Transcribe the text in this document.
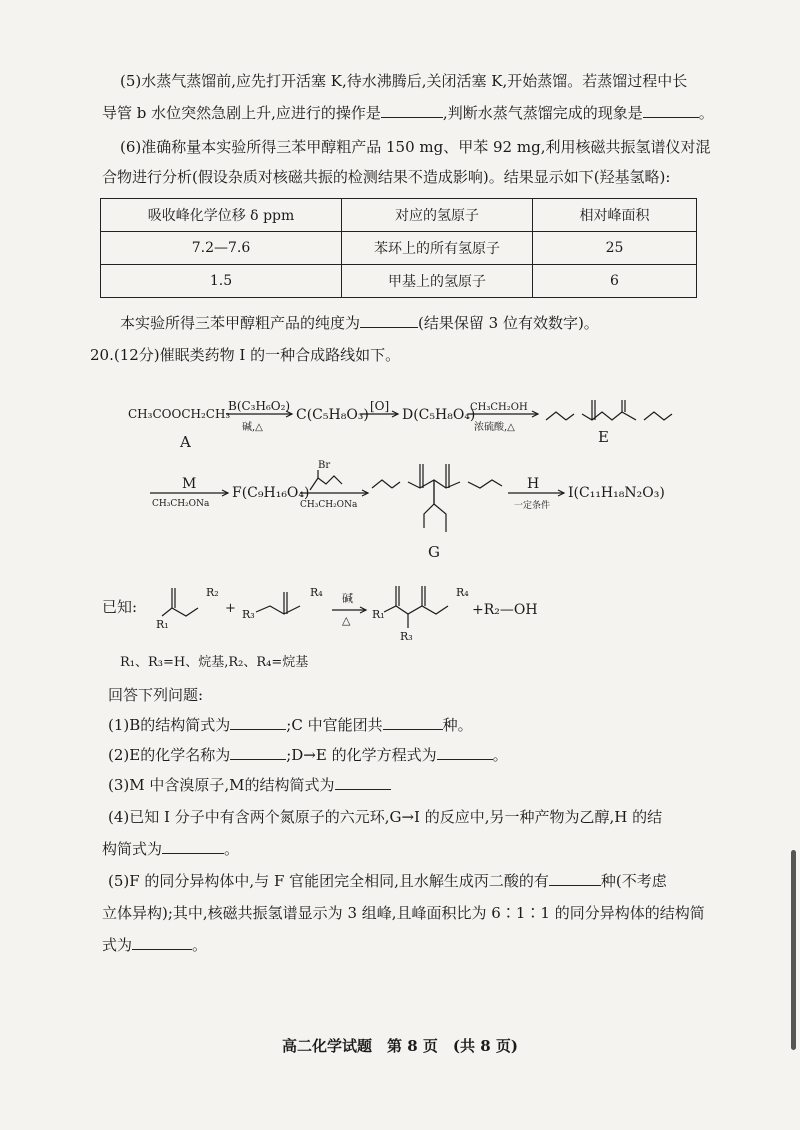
(5)水蒸气蒸馏前,应先打开活塞 K,待水沸腾后,关闭活塞 K,开始蒸馏。若蒸馏过程中长
导管 b 水位突然急剧上升,应进行的操作是	,判断水蒸气蒸馏完成的现象是	。
(6)准确称量本实验所得三苯甲醇粗产品 150 mg、甲苯 92 mg,利用核磁共振氢谱仪对混
合物进行分析(假设杂质对核磁共振的检测结果不造成影响)。结果显示如下(羟基氢略):
吸收峰化学位移 δ ppm	对应的氢原子	相对峰面积
7.2—7.6	苯环上的所有氢原子	25
1.5	甲基上的氢原子	6
本实验所得三苯甲醇粗产品的纯度为	(结果保留 3 位有效数字)。
20.(12分)催眠类药物 I 的一种合成路线如下。
CH₃COOCH₂CH₃
A
B(C₃H₆O₂)
碱,△
C(C₅H₈O₃)
[O]
D(C₅H₈O₄)
CH₃CH₂OH
浓硫酸,△
E
M
CH₃CH₂ONa
F(C₉H₁₆O₄)
Br
CH₃CH₂ONa
H
一定条件
I(C₁₁H₁₈N₂O₃)
G
已知:
R₁
R₂
+ R₃
R₄ 碱
△ R₁
R₃
R₄
+R₂—OH
R₁、R₃=H、烷基,R₂、R₄=烷基
回答下列问题:
(1)B的结构简式为	;C 中官能团共	种。
(2)E的化学名称为	;D→E 的化学方程式为	。
(3)M 中含溴原子,M的结构简式为
(4)已知 I 分子中有含两个氮原子的六元环,G→I 的反应中,另一种产物为乙醇,H 的结
构简式为	。
(5)F 的同分异构体中,与 F 官能团完全相同,且水解生成丙二酸的有	种(不考虑
立体异构);其中,核磁共振氢谱显示为 3 组峰,且峰面积比为 6∶1∶1 的同分异构体的结构简
式为	。
高二化学试题　第 8 页　(共 8 页)
